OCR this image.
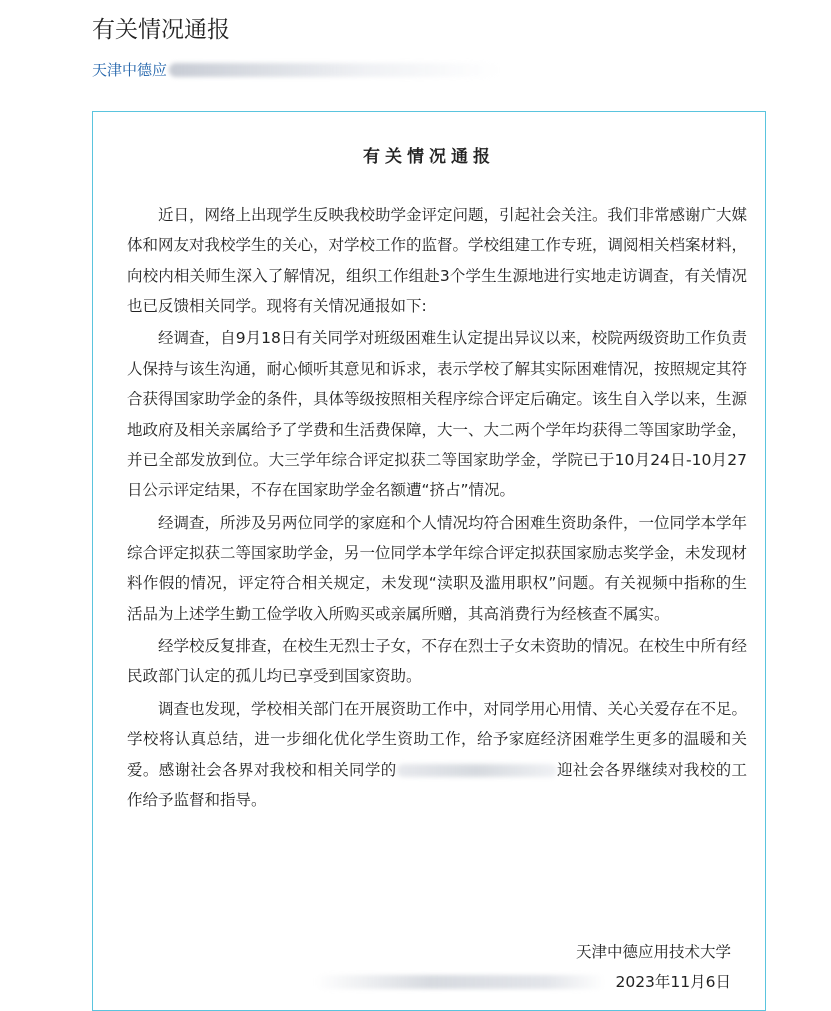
有关情况通报
天津中德应
有关情况通报

近日，网络上出现学生反映我校助学金评定问题，引起社会关注。我们非常感谢广大媒体和网友对我校学生的关心，对学校工作的监督。学校组建工作专班，调阅相关档案材料，向校内相关师生深入了解情况，组织工作组赴3个学生生源地进行实地走访调查，有关情况也已反馈相关同学。现将有关情况通报如下:

经调查，自9月18日有关同学对班级困难生认定提出异议以来，校院两级资助工作负责人保持与该生沟通，耐心倾听其意见和诉求，表示学校了解其实际困难情况，按照规定其符合获得国家助学金的条件，具体等级按照相关程序综合评定后确定。该生自入学以来，生源地政府及相关亲属给予了学费和生活费保障，大一、大二两个学年均获得二等国家助学金，并已全部发放到位。大三学年综合评定拟获二等国家助学金，学院已于10月24日-10月27日公示评定结果，不存在国家助学金名额遭“挤占”情况。

经调查，所涉及另两位同学的家庭和个人情况均符合困难生资助条件，一位同学本学年综合评定拟获二等国家助学金，另一位同学本学年综合评定拟获国家励志奖学金，未发现材料作假的情况，评定符合相关规定，未发现“渎职及滥用职权”问题。有关视频中指称的生活品为上述学生勤工俭学收入所购买或亲属所赠，其高消费行为经核查不属实。

经学校反复排查，在校生无烈士子女，不存在烈士子女未资助的情况。在校生中所有经民政部门认定的孤儿均已享受到国家资助。

调查也发现，学校相关部门在开展资助工作中，对同学用心用情、关心关爱存在不足。学校将认真总结，进一步细化优化学生资助工作，给予家庭经济困难学生更多的温暖和关爱。感谢社会各界对我校和相关同学的	迎社会各界继续对我校的工作给予监督和指导。

天津中德应用技术大学
2023年11月6日
